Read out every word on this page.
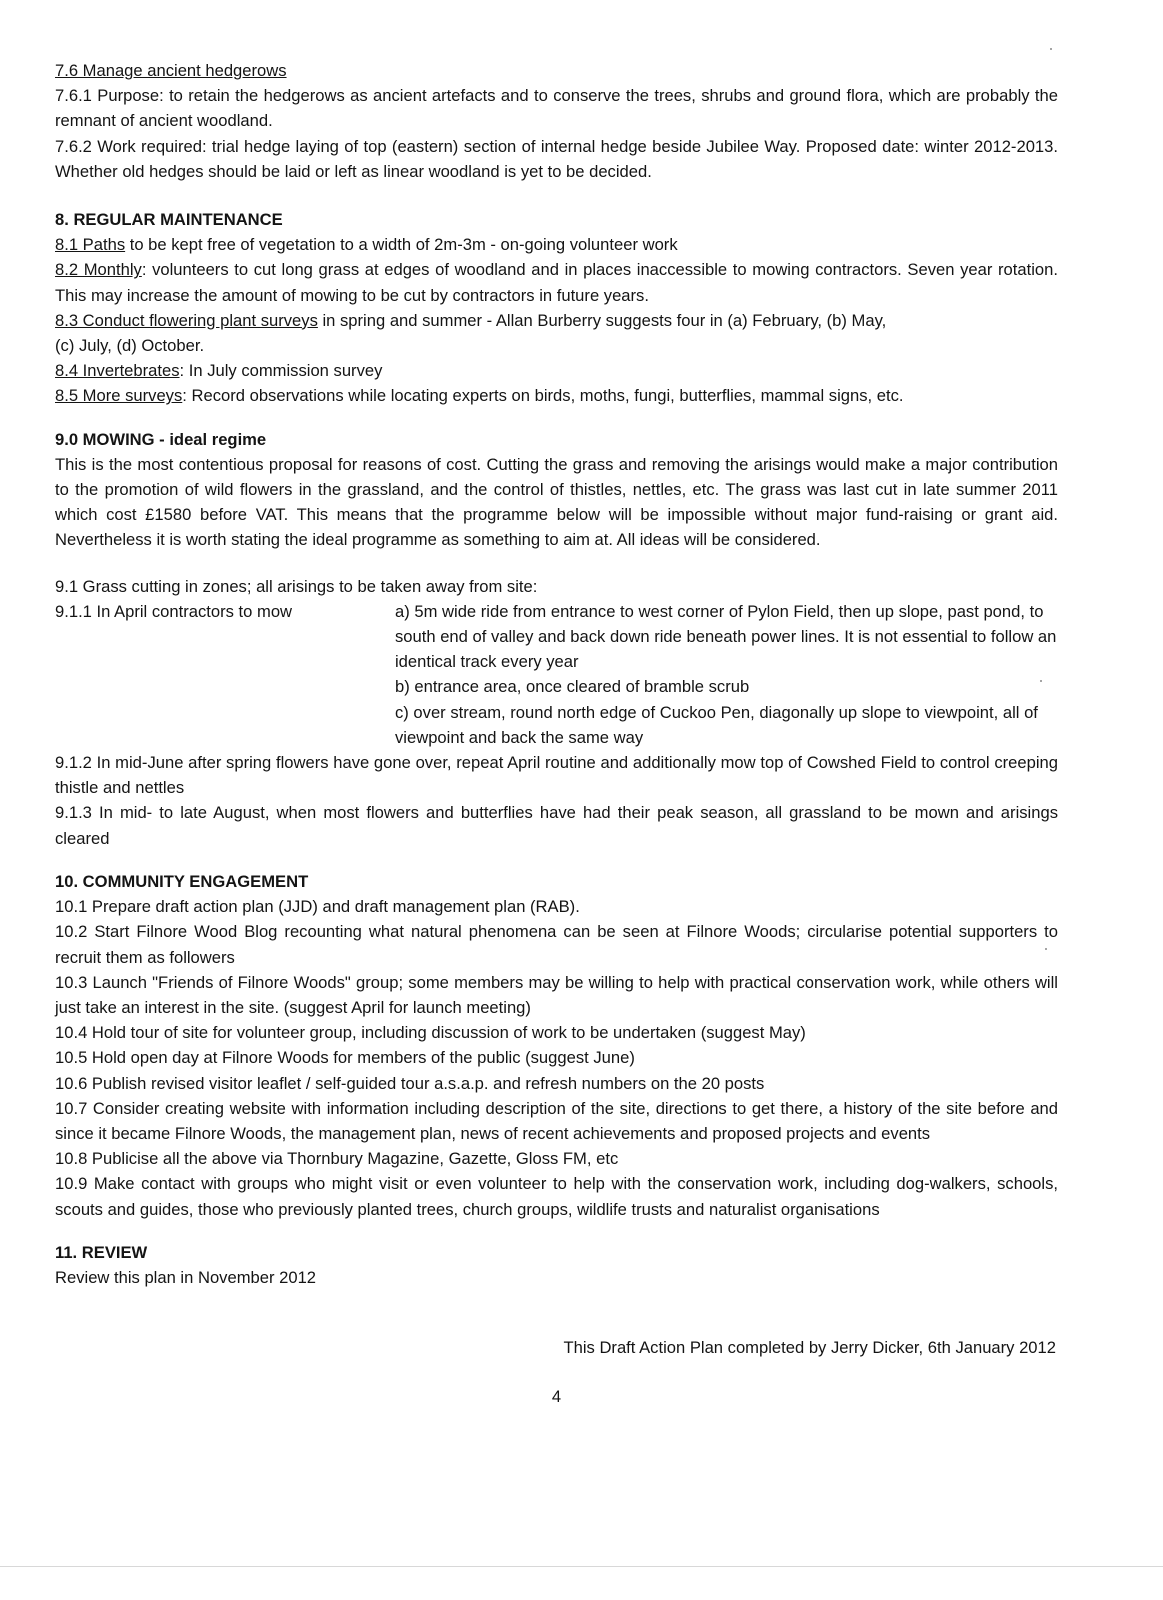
7.6 Manage ancient hedgerows

7.6.1 Purpose: to retain the hedgerows as ancient artefacts and to conserve the trees, shrubs and ground flora, which are probably the remnant of ancient woodland.

7.6.2 Work required: trial hedge laying of top (eastern) section of internal hedge beside Jubilee Way. Proposed date: winter 2012-2013. Whether old hedges should be laid or left as linear woodland is yet to be decided.

8. REGULAR MAINTENANCE

8.1 Paths to be kept free of vegetation to a width of 2m-3m - on-going volunteer work

8.2 Monthly: volunteers to cut long grass at edges of woodland and in places inaccessible to mowing contractors. Seven year rotation. This may increase the amount of mowing to be cut by contractors in future years.

8.3 Conduct flowering plant surveys in spring and summer - Allan Burberry suggests four in (a) February, (b) May,
(c) July, (d) October.

8.4 Invertebrates: In July commission survey

8.5 More surveys: Record observations while locating experts on birds, moths, fungi, butterflies, mammal signs, etc.

9.0 MOWING - ideal regime

This is the most contentious proposal for reasons of cost. Cutting the grass and removing the arisings would make a major contribution to the promotion of wild flowers in the grassland, and the control of thistles, nettles, etc. The grass was last cut in late summer 2011 which cost £1580 before VAT. This means that the programme below will be impossible without major fund-raising or grant aid. Nevertheless it is worth stating the ideal programme as something to aim at. All ideas will be considered.

9.1 Grass cutting in zones; all arisings to be taken away from site:

9.1.1 In April contractors to mow	a) 5m wide ride from entrance to west corner of Pylon Field, then up slope, past pond, to south end of valley and back down ride beneath power lines. It is not essential to follow an identical track every year

b) entrance area, once cleared of bramble scrub

c) over stream, round north edge of Cuckoo Pen, diagonally up slope to viewpoint, all of viewpoint and back the same way

9.1.2 In mid-June after spring flowers have gone over, repeat April routine and additionally mow top of Cowshed Field to control creeping thistle and nettles

9.1.3 In mid- to late August, when most flowers and butterflies have had their peak season, all grassland to be mown and arisings cleared

10. COMMUNITY ENGAGEMENT

10.1 Prepare draft action plan (JJD) and draft management plan (RAB).

10.2 Start Filnore Wood Blog recounting what natural phenomena can be seen at Filnore Woods; circularise potential supporters to recruit them as followers

10.3 Launch "Friends of Filnore Woods" group; some members may be willing to help with practical conservation work, while others will just take an interest in the site. (suggest April for launch meeting)

10.4 Hold tour of site for volunteer group, including discussion of work to be undertaken (suggest May)

10.5 Hold open day at Filnore Woods for members of the public (suggest June)

10.6 Publish revised visitor leaflet / self-guided tour a.s.a.p. and refresh numbers on the 20 posts

10.7 Consider creating website with information including description of the site, directions to get there, a history of the site before and since it became Filnore Woods, the management plan, news of recent achievements and proposed projects and events

10.8 Publicise all the above via Thornbury Magazine, Gazette, Gloss FM, etc

10.9 Make contact with groups who might visit or even volunteer to help with the conservation work, including dog-walkers, schools, scouts and guides, those who previously planted trees, church groups, wildlife trusts and naturalist organisations

11. REVIEW

Review this plan in November 2012

This Draft Action Plan completed by Jerry Dicker, 6th January 2012

4
